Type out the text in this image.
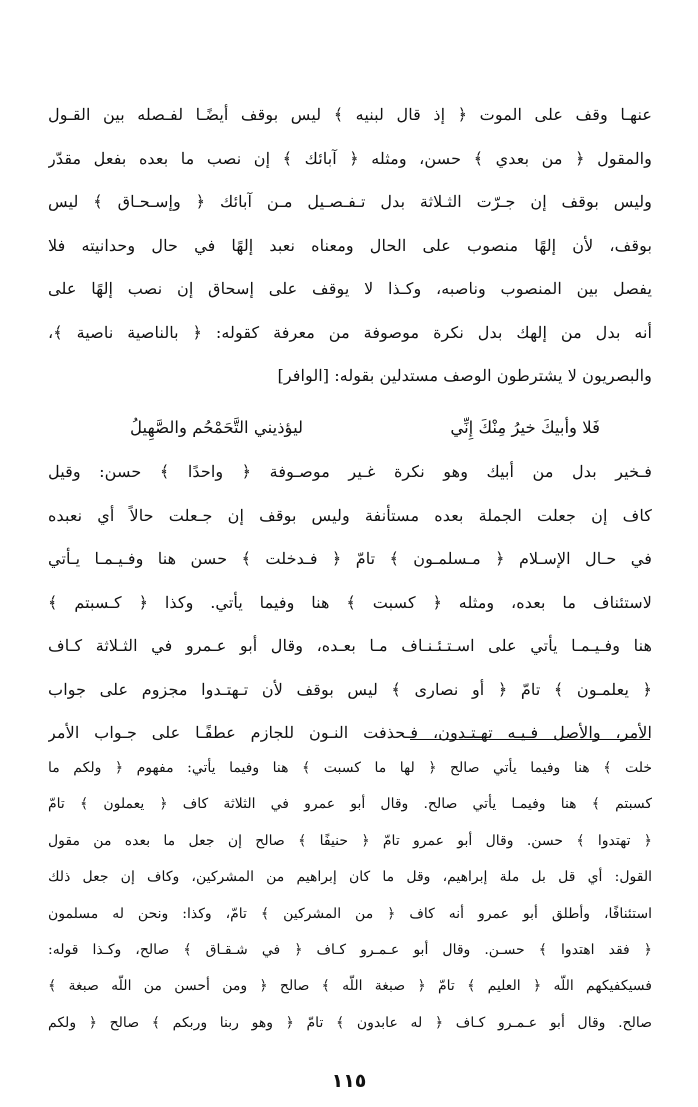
عنهـا وقف على الموت ﴿ إذ قال لبنيه ﴾ ليس بوقف أيضًـا لفـصله بين القـول
والمقول ﴿ من بعدي ﴾ حسن، ومثله ﴿ آبائك ﴾ إن نصب ما بعده بفعل مقدّر
وليس بوقف إن جـرّت الثـلاثة بدل تـفـصـيل مـن آبائك ﴿ وإسـحـاق ﴾ ليس
بوقف، لأن إلهًا منصوب على الحال ومعناه نعبد إلهًا في حال وحدانيته فلا
يفصل بين المنصوب وناصبه، وكـذا لا يوقف على إسحاق إن نصب إلهًا على
أنه بدل من إلهك بدل نكرة موصوفة من معرفة كقوله: ﴿ بالناصية ناصية ﴾،
والبصريون لا يشترطون الوصف مستدلين بقوله: [الوافر]
فَلا وأبيكَ خيرُ مِنْكَ إِنِّي
ليؤذيني التَّحَمْحُم والصَّهِيلُ
فـخير بدل من أبيك وهو نكرة غـير موصـوفة ﴿ واحدًا ﴾ حسن: وقيل
كاف إن جعلت الجملة بعده مستأنفة وليس بوقف إن جـعلت حالاً أي نعبده
في حـال الإسـلام ﴿ مـسلمـون ﴾ تامّ ﴿ فـدخلت ﴾ حسن هنا وفـيـمـا يـأتي
لاستئناف ما بعده، ومثله ﴿ كسبت ﴾ هنا وفيما يأتي. وكذا ﴿ كـسبتم ﴾
هنا وفـيـمـا يأتي على اسـتـئـنـاف مـا بعـده، وقال أبو عـمرو في الثـلاثة كـاف
﴿ يعلمـون ﴾ تامّ ﴿ أو نصارى ﴾ ليس بوقف لأن تـهتـدوا مجزوم على جواب
الأمر، والأصل فـيـه تهـتـدون، فـحذفت النـون للجازم عطفًـا على جـواب الأمر
خلت ﴾ هنا وفيما يأتي صالح ﴿ لها ما كسبت ﴾ هنا وفيما يأتي: مفهوم ﴿ ولكم ما
كسبتم ﴾ هنا وفيمـا يأتي صالح. وقال أبو عمرو في الثلاثة كاف ﴿ يعملون ﴾ تامّ
﴿ تهتدوا ﴾ حسن. وقال أبو عمرو تامّ ﴿ حنيفًا ﴾ صالح إن جعل ما بعده من مقول
القول: أي قل بل ملة إبراهيم، وقل ما كان إبراهيم من المشركين، وكاف إن جعل ذلك
استئنافًا، وأطلق أبو عمرو أنه كاف ﴿ من المشركين ﴾ تامّ، وكذا: ونحن له مسلمون
﴿ فقد اهتدوا ﴾ حسـن. وقال أبو عـمـرو كـاف ﴿ في شـقـاق ﴾ صالح، وكـذا قوله:
فسيكفيكهم اللّه ﴿ العليم ﴾ تامّ ﴿ صبغة اللّه ﴾ صالح ﴿ ومن أحسن من اللّه صبغة ﴾
صالح. وقال أبو عـمـرو كـاف ﴿ له عابدون ﴾ تامّ ﴿ وهو ربنا وربكم ﴾ صالح ﴿ ولكم
١١٥
